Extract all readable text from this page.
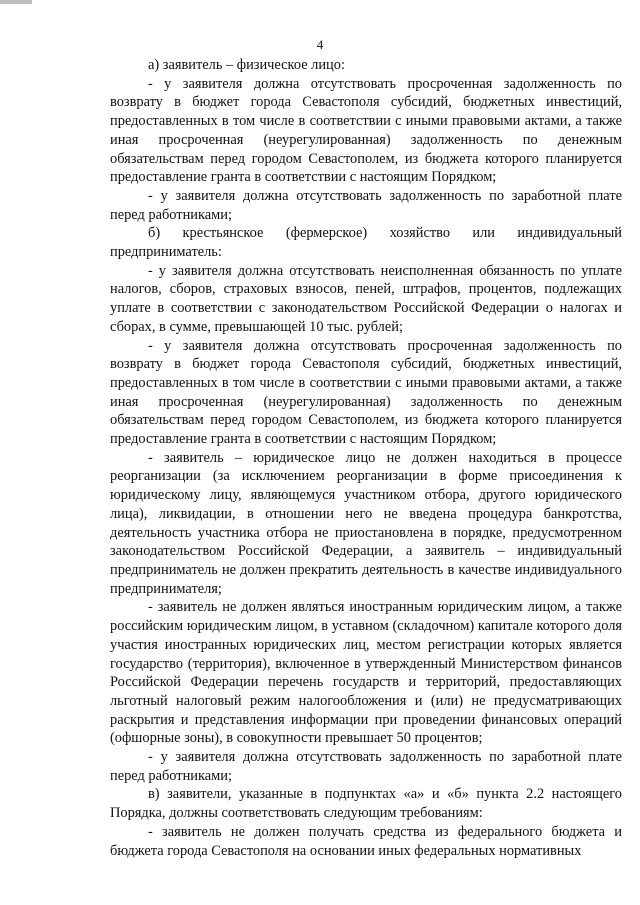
4

а) заявитель – физическое лицо:

- у заявителя должна отсутствовать просроченная задолженность по возврату в бюджет города Севастополя субсидий, бюджетных инвестиций, предоставленных в том числе в соответствии с иными правовыми актами, а также иная просроченная (неурегулированная) задолженность по денежным обязательствам перед городом Севастополем, из бюджета которого планируется предоставление гранта в соответствии с настоящим Порядком;

- у заявителя должна отсутствовать задолженность по заработной плате перед работниками;

б) крестьянское (фермерское) хозяйство или индивидуальный

предприниматель:

- у заявителя должна отсутствовать неисполненная обязанность по уплате налогов, сборов, страховых взносов, пеней, штрафов, процентов, подлежащих уплате в соответствии с законодательством Российской Федерации о налогах и сборах, в сумме, превышающей 10 тыс. рублей;

- у заявителя должна отсутствовать просроченная задолженность по возврату в бюджет города Севастополя субсидий, бюджетных инвестиций, предоставленных в том числе в соответствии с иными правовыми актами, а также иная просроченная (неурегулированная) задолженность по денежным обязательствам перед городом Севастополем, из бюджета которого планируется предоставление гранта в соответствии с настоящим Порядком;

- заявитель – юридическое лицо не должен находиться в процессе реорганизации (за исключением реорганизации в форме присоединения к юридическому лицу, являющемуся участником отбора, другого юридического лица), ликвидации, в отношении него не введена процедура банкротства, деятельность участника отбора не приостановлена в порядке, предусмотренном законодательством Российской Федерации, а заявитель – индивидуальный предприниматель не должен прекратить деятельность в качестве индивидуального предпринимателя;

- заявитель не должен являться иностранным юридическим лицом, а также российским юридическим лицом, в уставном (складочном) капитале которого доля участия иностранных юридических лиц, местом регистрации которых является государство (территория), включенное в утвержденный Министерством финансов Российской Федерации перечень государств и территорий, предоставляющих льготный налоговый режим налогообложения и (или) не предусматривающих раскрытия и представления информации при проведении финансовых операций (офшорные зоны), в совокупности превышает 50 процентов;

- у заявителя должна отсутствовать задолженность по заработной плате перед работниками;

в) заявители, указанные в подпунктах «а» и «б» пункта 2.2 настоящего Порядка, должны соответствовать следующим требованиям:

- заявитель не должен получать средства из федерального бюджета и бюджета города Севастополя на основании иных федеральных нормативных
